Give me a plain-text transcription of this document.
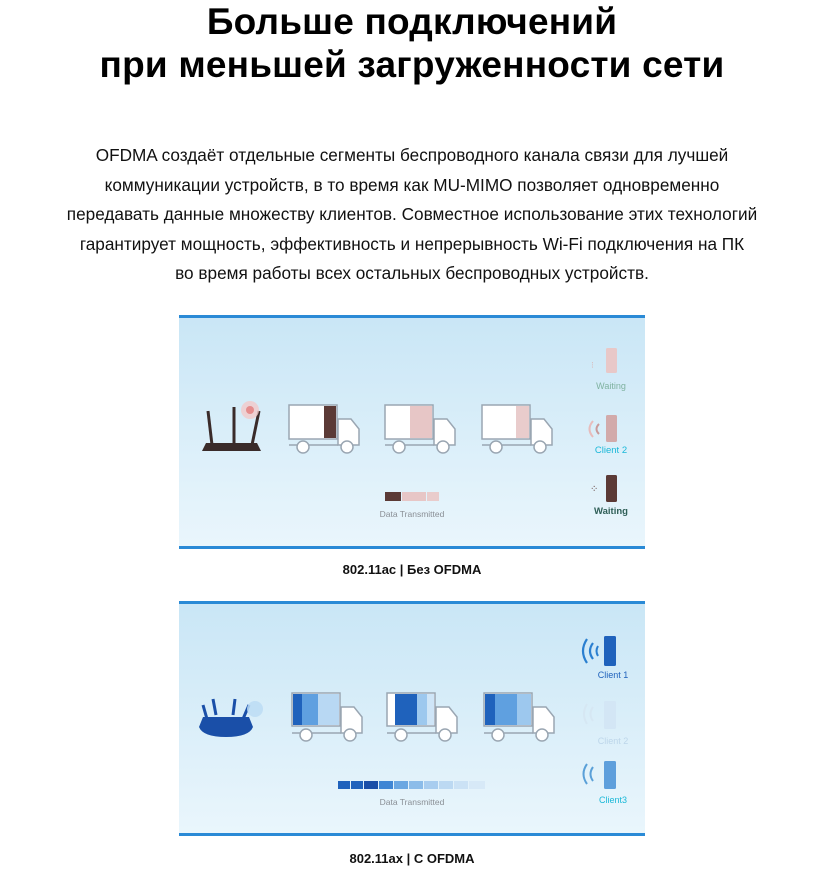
Больше подключений
при меньшей загруженности сети
OFDMA создаёт отдельные сегменты беспроводного канала связи для лучшей
коммуникации устройств, в то время как MU-MIMO позволяет одновременно
передавать данные множеству клиентов. Совместное использование этих технологий
гарантирует мощность, эффективность и непрерывность Wi-Fi подключения на ПК
во время работы всех остальных беспроводных устройств.
⁝
⁘
Waiting
Client 2
Waiting
Data Transmitted
802.11ac | Без OFDMA
Client 1
Client 2
Client3
Data Transmitted
802.11ax | С OFDMA
